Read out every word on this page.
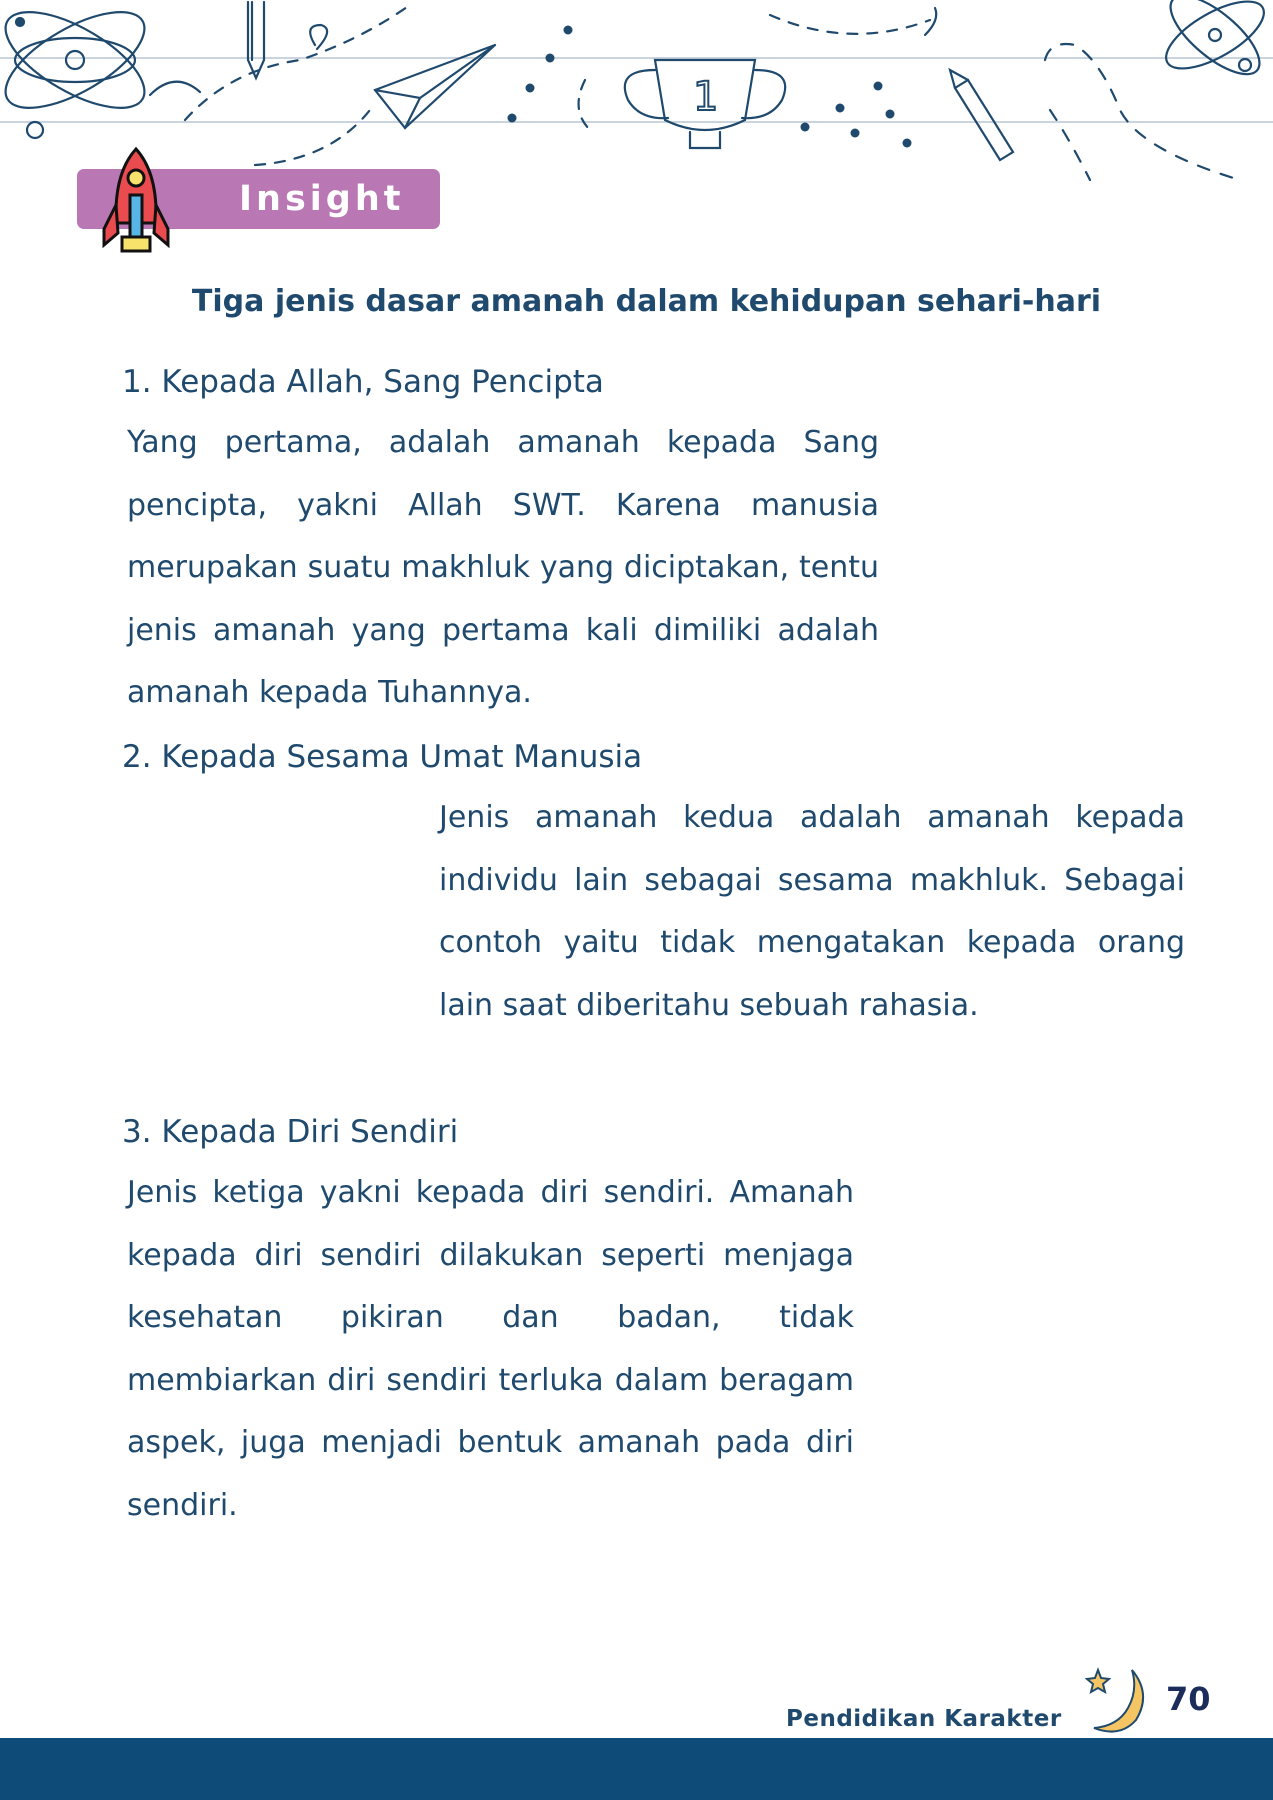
1
Insight
Tiga jenis dasar amanah dalam kehidupan sehari-hari
1. Kepada Allah, Sang Pencipta

Yang pertama, adalah amanah kepada Sang pencipta, yakni Allah SWT. Karena manusia merupakan suatu makhluk yang diciptakan, tentu jenis amanah yang pertama kali dimiliki adalah amanah kepada Tuhannya.

2. Kepada Sesama Umat Manusia

Jenis amanah kedua adalah amanah kepada individu lain sebagai sesama makhluk. Sebagai contoh yaitu tidak mengatakan kepada orang lain saat diberitahu sebuah rahasia.

3. Kepada Diri Sendiri

Jenis ketiga yakni kepada diri sendiri. Amanah kepada diri sendiri dilakukan seperti menjaga kesehatan pikiran dan badan, tidak membiarkan diri sendiri terluka dalam beragam aspek, juga menjadi bentuk amanah pada diri sendiri.

Pendidikan Karakter
70
